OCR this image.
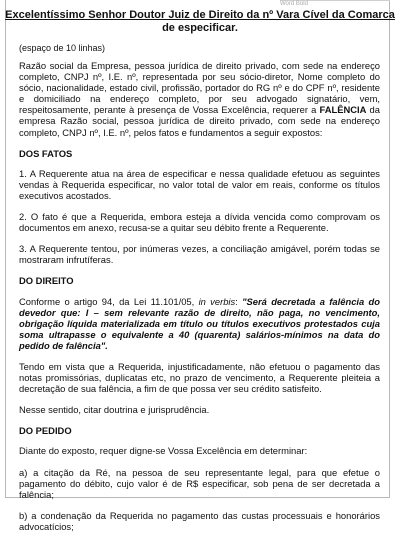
Word Bold
Excelentíssimo Senhor Doutor Juiz de Direito da nº Vara Cível da Comarca
de especificar.
(espaço de 10 linhas)

Razão social da Empresa, pessoa jurídica de direito privado, com sede na endereço completo, CNPJ nº, I.E. nº, representada por seu sócio-diretor, Nome completo do sócio, nacionalidade, estado civil, profissão, portador do RG nº e do CPF nº, residente e domiciliado na endereço completo, por seu advogado signatário, vem, respeitosamente, perante à presença de Vossa Excelência, requerer a FALÊNCIA da empresa Razão social, pessoa jurídica de direito privado, com sede na endereço completo, CNPJ nº, I.E. nº, pelos fatos e fundamentos a seguir expostos:

DOS FATOS

1. A Requerente atua na área de especificar e nessa qualidade efetuou as seguintes vendas à Requerida especificar, no valor total de valor em reais, conforme os títulos executivos acostados.

2. O fato é que a Requerida, embora esteja a dívida vencida como comprovam os documentos em anexo, recusa-se a quitar seu débito frente a Requerente.

3. A Requerente tentou, por inúmeras vezes, a conciliação amigável, porém todas se mostraram infrutíferas.

DO DIREITO

Conforme o artigo 94, da Lei 11.101/05, in verbis: "Será decretada a falência do devedor que: I – sem relevante razão de direito, não paga, no vencimento, obrigação líquida materializada em título ou títulos executivos protestados cuja soma ultrapasse o equivalente a 40 (quarenta) salários-mínimos na data do pedido de falência".

Tendo em vista que a Requerida, injustificadamente, não efetuou o pagamento das notas promissórias, duplicatas etc, no prazo de vencimento, a Requerente pleiteia a decretação de sua falência, a fim de que possa ver seu crédito satisfeito.

Nesse sentido, citar doutrina e jurisprudência.

DO PEDIDO

Diante do exposto, requer digne-se Vossa Excelência em determinar:

a) a citação da Ré, na pessoa de seu representante legal, para que efetue o pagamento do débito, cujo valor é de R$ especificar, sob pena de ser decretada a falência;

b) a condenação da Requerida no pagamento das custas processuais e honorários advocatícios;
